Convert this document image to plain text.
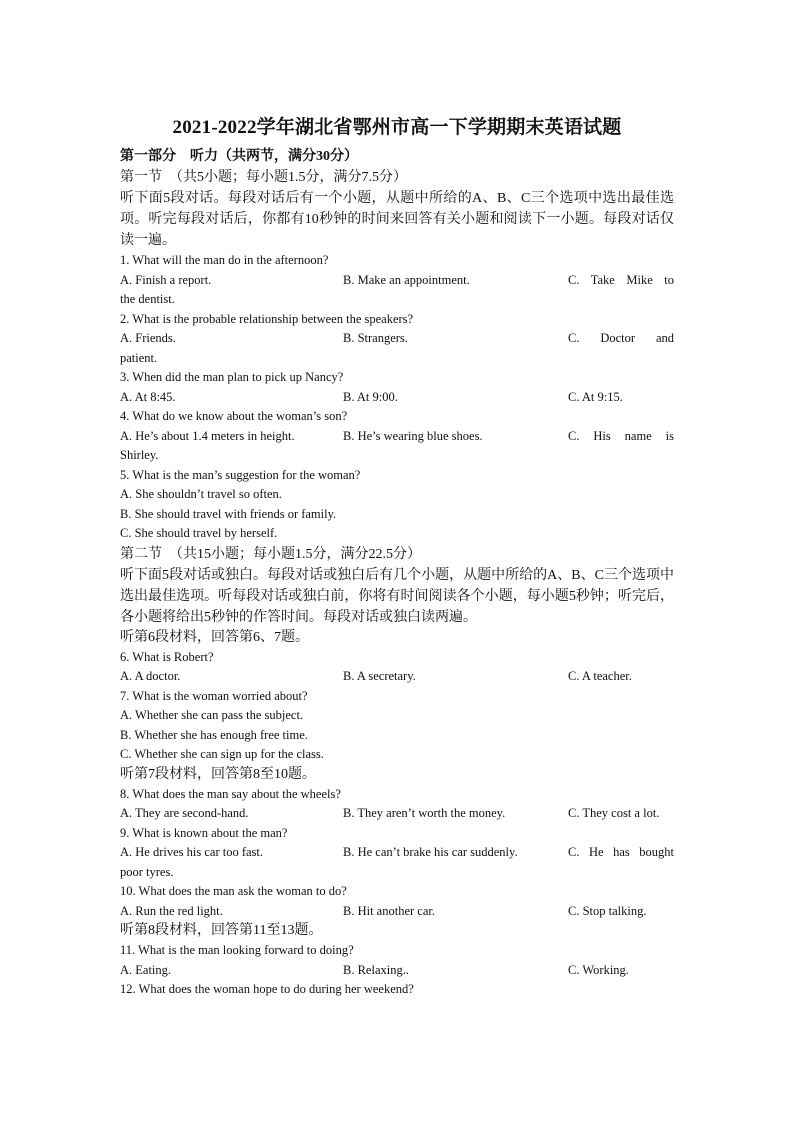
2021-2022学年湖北省鄂州市高一下学期期末英语试题
第一部分　听力（共两节，满分30分）
第一节　（共5小题；每小题1.5分，满分7.5分）
听下面5段对话。每段对话后有一个小题，从题中所给的A、B、C三个选项中选出最佳选项。听完每段对话后，你都有10秒钟的时间来回答有关小题和阅读下一小题。每段对话仅读一遍。
1. What will the man do in the afternoon?
A. Finish a report.	B. Make an appointment.	C. Take Mike to
the dentist.
2. What is the probable relationship between the speakers?
A. Friends.	B. Strangers.	C. Doctor and
patient.
3. When did the man plan to pick up Nancy?
A. At 8:45.	B. At 9:00.	C. At 9:15.
4. What do we know about the woman’s son?
A. He’s about 1.4 meters in height.	B. He’s wearing blue shoes.	C. His name is
Shirley.
5. What is the man’s suggestion for the woman?
A. She shouldn’t travel so often.
B. She should travel with friends or family.
C. She should travel by herself.
第二节　（共15小题；每小题1.5分，满分22.5分）
听下面5段对话或独白。每段对话或独白后有几个小题，从题中所给的A、B、C三个选项中选出最佳选项。听每段对话或独白前，你将有时间阅读各个小题，每小题5秒钟；听完后，各小题将给出5秒钟的作答时间。每段对话或独白读两遍。
听第6段材料，回答第6、7题。
6. What is Robert?
A. A doctor.	B. A secretary.	C. A teacher.
7. What is the woman worried about?
A. Whether she can pass the subject.
B. Whether she has enough free time.
C. Whether she can sign up for the class.
听第7段材料，回答第8至10题。
8. What does the man say about the wheels?
A. They are second-hand.	B. They aren’t worth the money.	C. They cost a lot.
9. What is known about the man?
A. He drives his car too fast.	B. He can’t brake his car suddenly.	C. He has bought
poor tyres.
10. What does the man ask the woman to do?
A. Run the red light.	B. Hit another car.	C. Stop talking.
听第8段材料，回答第11至13题。
11. What is the man looking forward to doing?
A. Eating.	B. Relaxing..	C. Working.
12. What does the woman hope to do during her weekend?
